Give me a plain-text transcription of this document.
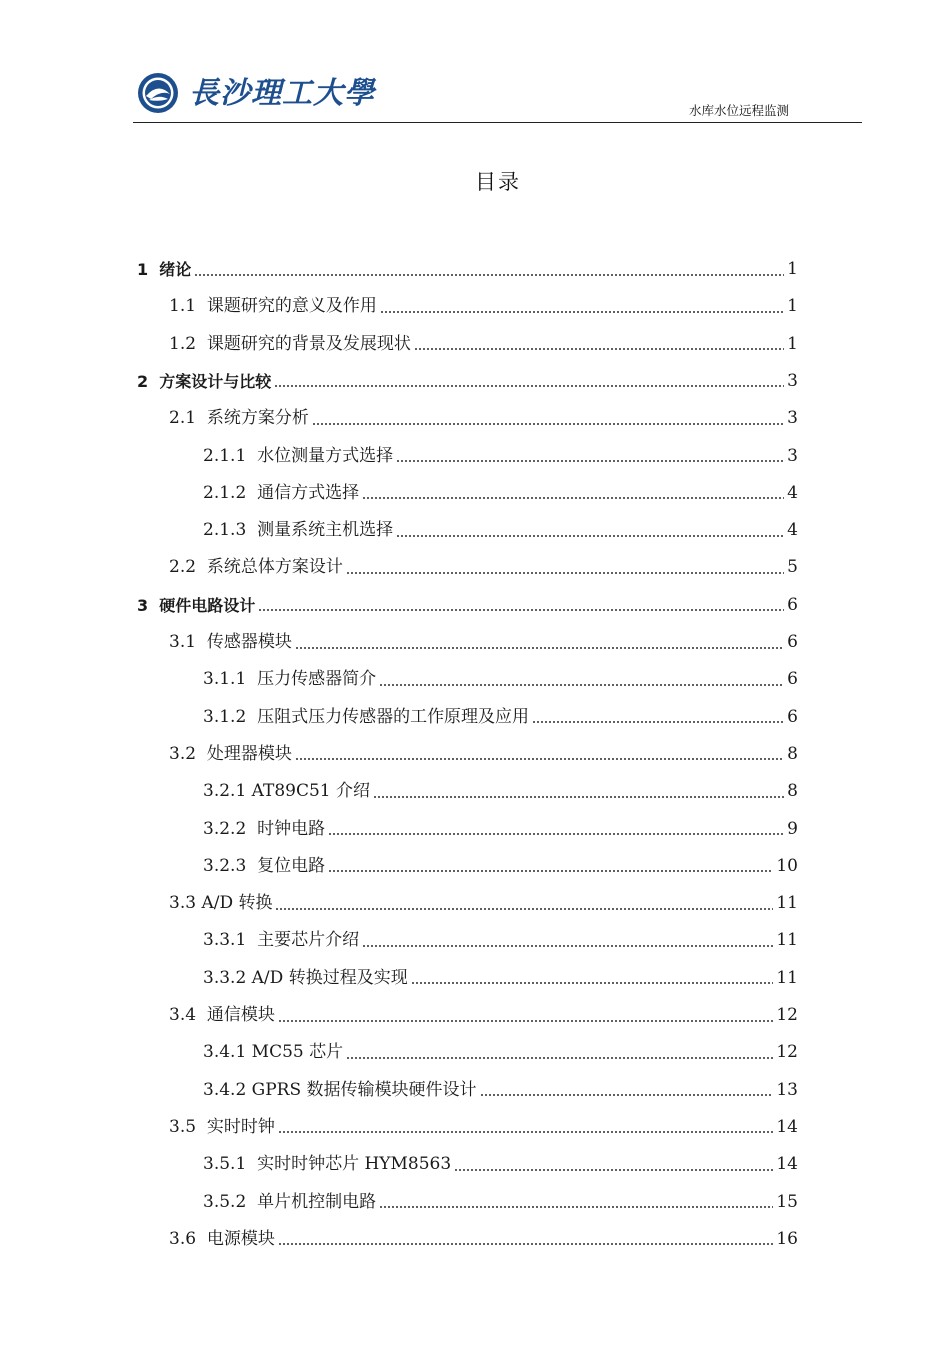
長沙理工大學	水库水位远程监测
目录
1  绪论	1
1.1  课题研究的意义及作用	1
1.2  课题研究的背景及发展现状	1
2  方案设计与比较	3
2.1  系统方案分析	3
2.1.1  水位测量方式选择	3
2.1.2  通信方式选择	4
2.1.3  测量系统主机选择	4
2.2  系统总体方案设计	5
3  硬件电路设计	6
3.1  传感器模块	6
3.1.1  压力传感器简介	6
3.1.2  压阻式压力传感器的工作原理及应用	6
3.2  处理器模块	8
3.2.1 AT89C51 介绍	8
3.2.2  时钟电路	9
3.2.3  复位电路	10
3.3 A/D 转换	11
3.3.1  主要芯片介绍	11
3.3.2 A/D 转换过程及实现	11
3.4  通信模块	12
3.4.1 MC55 芯片	12
3.4.2 GPRS 数据传输模块硬件设计	13
3.5  实时时钟	14
3.5.1  实时时钟芯片 HYM8563	14
3.5.2  单片机控制电路	15
3.6  电源模块	16
